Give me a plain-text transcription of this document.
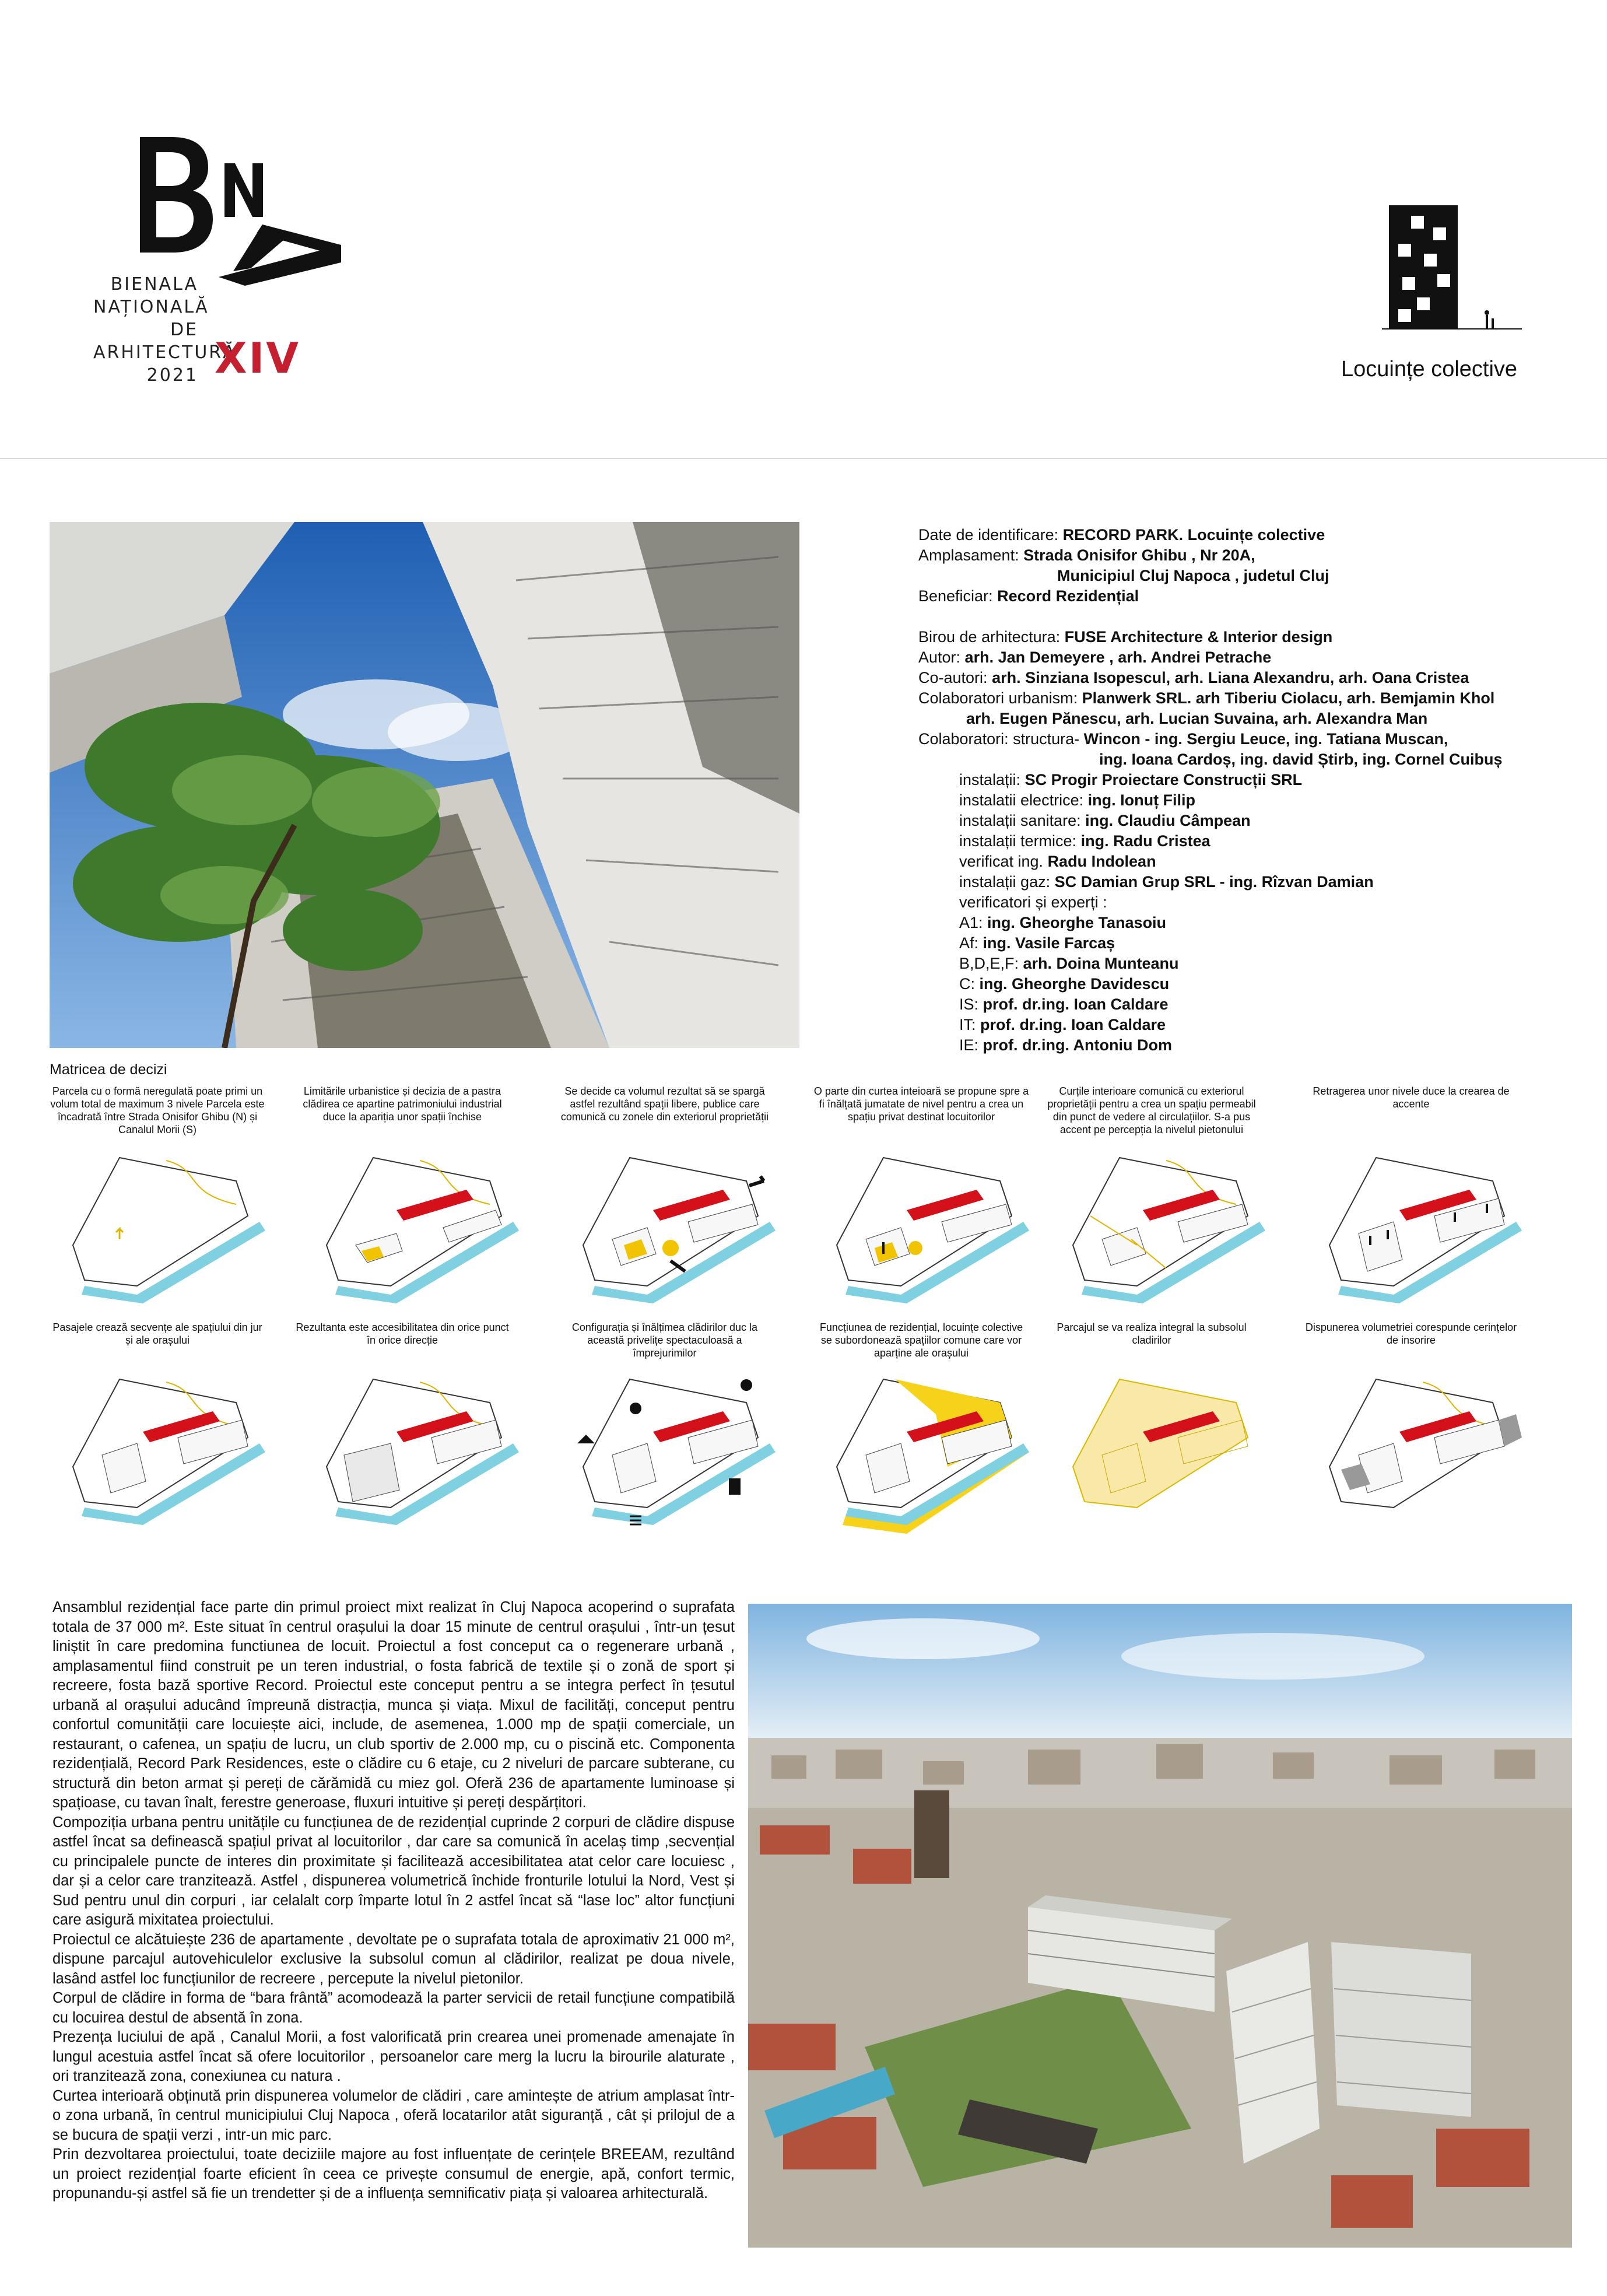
BIENALA
NAȚIONALĂ
DE
ARHITECTURĂ
2021 XIV	Locuințe colective
Date de identificare: RECORD PARK. Locuințe colective
Amplasament: Strada Onisifor Ghibu , Nr 20A,
Municipiul Cluj Napoca , judetul Cluj
Beneficiar: Record Rezidențial
Birou de arhitectura: FUSE Architecture & Interior design
Autor: arh. Jan Demeyere , arh. Andrei Petrache
Co-autori: arh. Sinziana Isopescul, arh. Liana Alexandru, arh. Oana Cristea
Colaboratori urbanism: Planwerk SRL. arh Tiberiu Ciolacu, arh. Bemjamin Khol
arh. Eugen Pănescu, arh. Lucian Suvaina, arh. Alexandra Man
Colaboratori: structura- Wincon - ing. Sergiu Leuce, ing. Tatiana Muscan,
ing. Ioana Cardoș, ing. david Știrb, ing. Cornel Cuibuș
instalații: SC Progir Proiectare Construcții SRL
instalatii electrice: ing. Ionuț Filip
instalații sanitare: ing. Claudiu Câmpean
instalații termice: ing. Radu Cristea
verificat ing. Radu Indolean
instalații gaz: SC Damian Grup SRL - ing. Rîzvan Damian
verificatori și experți :
A1: ing. Gheorghe Tanasoiu
Af: ing. Vasile Farcaș
B,D,E,F: arh. Doina Munteanu
C: ing. Gheorghe Davidescu
IS: prof. dr.ing. Ioan Caldare
IT: prof. dr.ing. Ioan Caldare
IE: prof. dr.ing. Antoniu Dom
Matricea de decizi
Parcela cu o formă neregulată poate primi un volum total de maximum 3 nivele Parcela este încadrată între Strada Onisifor Ghibu (N) și Canalul Morii (S)
Limitările urbanistice și decizia de a pastra clădirea ce apartine patrimoniului industrial duce la apariția unor spații închise
Se decide ca volumul rezultat să se spargă astfel rezultând spații libere, publice care comunică cu zonele din exteriorul proprietății
O parte din curtea inteioară se propune spre a fi înălțată jumatate de nivel pentru a crea un spațiu privat destinat locuitorilor
Curțile interioare comunică cu exteriorul proprietății pentru a crea un spațiu permeabil din punct de vedere al circulațiilor. S-a pus accent pe percepția la nivelul pietonului
Retragerea unor nivele duce la crearea de accente
Pasajele crează secvențe ale spațiului din jur și ale orașului
Rezultanta este accesibilitatea din orice punct în orice direcție
Configurația și înălțimea clădirilor duc la această privelițe spectaculoasă a împrejurimilor
Funcțiunea de rezidențial, locuințe colective se subordonează spațiilor comune care vor aparține ale orașului
Parcajul se va realiza integral la subsolul cladirilor
Dispunerea volumetriei corespunde cerințelor de insorire

Ansamblul rezidențial face parte din primul proiect mixt realizat în Cluj Napoca acoperind o suprafata totala de 37 000 m². Este situat în centrul orașului la doar 15 minute de centrul orașului , într-un țesut liniștit în care predomina functiunea de locuit. Proiectul a fost conceput ca o regenerare urbană , amplasamentul fiind construit pe un teren industrial, o fosta fabrică de textile și o zonă de sport și recreere, fosta bază sportive Record. Proiectul este conceput pentru a se integra perfect în țesutul urbană al orașului aducând împreună distracția, munca și viața. Mixul de facilități, conceput pentru confortul comunității care locuiește aici, include, de asemenea, 1.000 mp de spații comerciale, un restaurant, o cafenea, un spațiu de lucru, un club sportiv de 2.000 mp, cu o piscină etc. Componenta rezidențială, Record Park Residences, este o clădire cu 6 etaje, cu 2 niveluri de parcare subterane, cu structură din beton armat și pereți de cărămidă cu miez gol. Oferă 236 de apartamente luminoase și spațioase, cu tavan înalt, ferestre generoase, fluxuri intuitive și pereți despărțitori.

Compoziția urbana pentru unitățile cu funcțiunea de de rezidențial cuprinde 2 corpuri de clădire dispuse astfel încat sa definească spațiul privat al locuitorilor , dar care sa comunică în acelaș timp ,secvențial cu principalele puncte de interes din proximitate și facilitează accesibilitatea atat celor care locuiesc , dar și a celor care tranzitează. Astfel , dispunerea volumetrică închide fronturile lotului la Nord, Vest și Sud pentru unul din corpuri , iar celalalt corp împarte lotul în 2 astfel încat să “lase loc” altor funcțiuni care asigură mixitatea proiectului.

Proiectul ce alcătuiește 236 de apartamente , devoltate pe o suprafata totala de aproximativ 21 000 m², dispune parcajul autovehiculelor exclusive la subsolul comun al clădirilor, realizat pe doua nivele, lasând astfel loc funcțiunilor de recreere , percepute la nivelul pietonilor.

Corpul de clădire in forma de “bara frântă” acomodează la parter servicii de retail funcțiune compatibilă cu locuirea destul de absentă în zona.

Prezența luciului de apă , Canalul Morii, a fost valorificată prin crearea unei promenade amenajate în lungul acestuia astfel încat să ofere locuitorilor , persoanelor care merg la lucru la birourile alaturate , ori tranzitează zona, conexiunea cu natura .

Curtea interioară obținută prin dispunerea volumelor de clădiri , care amintește de atrium amplasat într-o zona urbană, în centrul municipiului Cluj Napoca , oferă locatarilor atât siguranță , cât și prilojul de a se bucura de spații verzi , intr-un mic parc.

Prin dezvoltarea proiectului, toate deciziile majore au fost influențate de cerințele BREEAM, rezultând un proiect rezidențial foarte eficient în ceea ce privește consumul de energie, apă, confort termic, propunandu-și astfel să fie un trendetter și de a influența semnificativ piața și valoarea arhitecturală.
